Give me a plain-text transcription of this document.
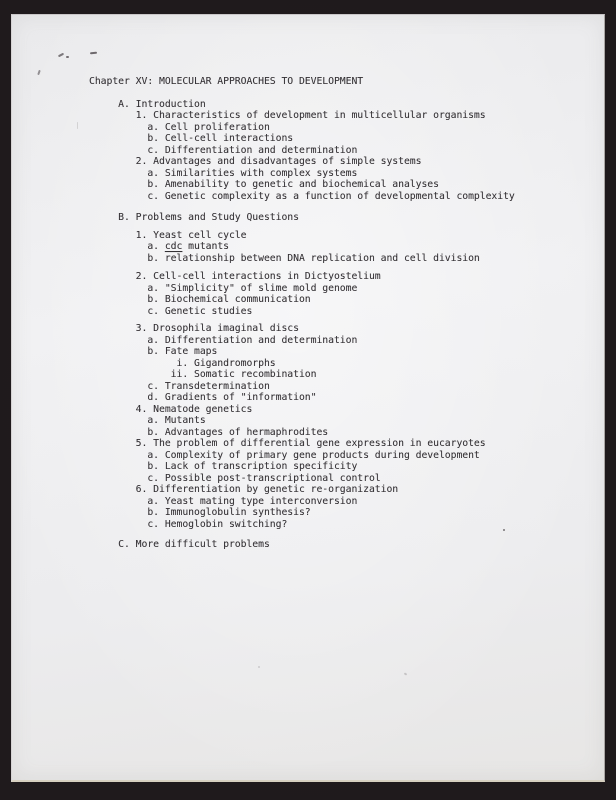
Chapter XV: MOLECULAR APPROACHES TO DEVELOPMENT
A. Introduction
1. Characteristics of development in multicellular organisms
a. Cell proliferation
b. Cell-cell interactions
c. Differentiation and determination
2. Advantages and disadvantages of simple systems
a. Similarities with complex systems
b. Amenability to genetic and biochemical analyses
c. Genetic complexity as a function of developmental complexity
B. Problems and Study Questions
1. Yeast cell cycle
a. cdc mutants
b. relationship between DNA replication and cell division
2. Cell-cell interactions in Dictyostelium
a. "Simplicity" of slime mold genome
b. Biochemical communication
c. Genetic studies
3. Drosophila imaginal discs
a. Differentiation and determination
b. Fate maps
i. Gigandromorphs
ii. Somatic recombination
c. Transdetermination
d. Gradients of "information"
4. Nematode genetics
a. Mutants
b. Advantages of hermaphrodites
5. The problem of differential gene expression in eucaryotes
a. Complexity of primary gene products during development
b. Lack of transcription specificity
c. Possible post-transcriptional control
6. Differentiation by genetic re-organization
a. Yeast mating type interconversion
b. Immunoglobulin synthesis?
c. Hemoglobin switching?
C. More difficult problems
